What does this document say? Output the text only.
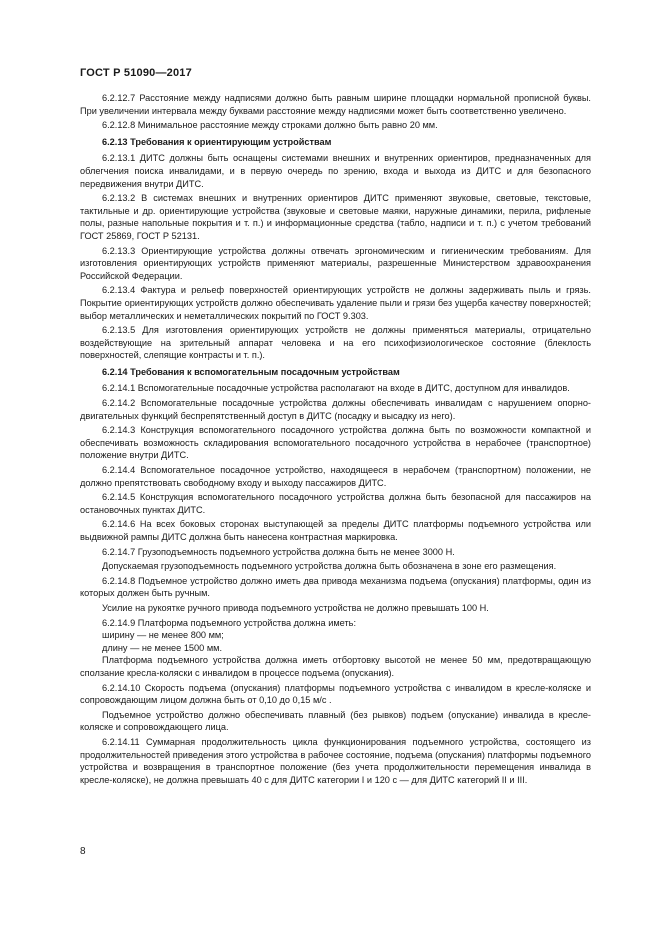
ГОСТ Р 51090—2017

6.2.12.7 Расстояние между надписями должно быть равным ширине площадки нормальной прописной буквы. При увеличении интервала между буквами расстояние между надписями может быть соответственно увеличено.

6.2.12.8 Минимальное расстояние между строками должно быть равно 20 мм.

6.2.13 Требования к ориентирующим устройствам

6.2.13.1 ДИТС должны быть оснащены системами внешних и внутренних ориентиров, предназначенных для облегчения поиска инвалидами, и в первую очередь по зрению, входа и выхода из ДИТС и для безопасного передвижения внутри ДИТС.

6.2.13.2 В системах внешних и внутренних ориентиров ДИТС применяют звуковые, световые, текстовые, тактильные и др. ориентирующие устройства (звуковые и световые маяки, наружные динамики, перила, рифленые полы, разные напольные покрытия и т. п.) и информационные средства (табло, надписи и т. п.) с учетом требований ГОСТ 25869, ГОСТ Р 52131.

6.2.13.3 Ориентирующие устройства должны отвечать эргономическим и гигиеническим требованиям. Для изготовления ориентирующих устройств применяют материалы, разрешенные Министерством здравоохранения Российской Федерации.

6.2.13.4 Фактура и рельеф поверхностей ориентирующих устройств не должны задерживать пыль и грязь. Покрытие ориентирующих устройств должно обеспечивать удаление пыли и грязи без ущерба качеству поверхностей; выбор металлических и неметаллических покрытий по ГОСТ 9.303.

6.2.13.5 Для изготовления ориентирующих устройств не должны применяться материалы, отрицательно воздействующие на зрительный аппарат человека и на его психофизиологическое состояние (блеклость поверхностей, слепящие контрасты и т. п.).

6.2.14 Требования к вспомогательным посадочным устройствам

6.2.14.1 Вспомогательные посадочные устройства располагают на входе в ДИТС, доступном для инвалидов.

6.2.14.2 Вспомогательные посадочные устройства должны обеспечивать инвалидам с нарушением опорно-двигательных функций беспрепятственный доступ в ДИТС (посадку и высадку из него).

6.2.14.3 Конструкция вспомогательного посадочного устройства должна быть по возможности компактной и обеспечивать возможность складирования вспомогательного посадочного устройства в нерабочее (транспортное) положение внутри ДИТС.

6.2.14.4 Вспомогательное посадочное устройство, находящееся в нерабочем (транспортном) положении, не должно препятствовать свободному входу и выходу пассажиров ДИТС.

6.2.14.5 Конструкция вспомогательного посадочного устройства должна быть безопасной для пассажиров на остановочных пунктах ДИТС.

6.2.14.6 На всех боковых сторонах выступающей за пределы ДИТС платформы подъемного устройства или выдвижной рампы ДИТС должна быть нанесена контрастная маркировка.

6.2.14.7 Грузоподъемность подъемного устройства должна быть не менее 3000 Н.

Допускаемая грузоподъемность подъемного устройства должна быть обозначена в зоне его размещения.

6.2.14.8 Подъемное устройство должно иметь два привода механизма подъема (опускания) платформы, один из которых должен быть ручным.

Усилие на рукоятке ручного привода подъемного устройства не должно превышать 100 Н.

6.2.14.9 Платформа подъемного устройства должна иметь:

ширину — не менее 800 мм;

длину — не менее 1500 мм.

Платформа подъемного устройства должна иметь отбортовку высотой не менее 50 мм, предотвращающую сползание кресла-коляски с инвалидом в процессе подъема (опускания).

6.2.14.10 Скорость подъема (опускания) платформы подъемного устройства с инвалидом в кресле-коляске и сопровождающим лицом должна быть от 0,10 до 0,15 м/с .

Подъемное устройство должно обеспечивать плавный (без рывков) подъем (опускание) инвалида в кресле-коляске и сопровождающего лица.

6.2.14.11 Суммарная продолжительность цикла функционирования подъемного устройства, состоящего из продолжительностей приведения этого устройства в рабочее состояние, подъема (опускания) платформы подъемного устройства и возвращения в транспортное положение (без учета продолжительности перемещения инвалида в кресле-коляске), не должна превышать 40 с для ДИТС категории I и 120 с — для ДИТС категорий II и III.

8
